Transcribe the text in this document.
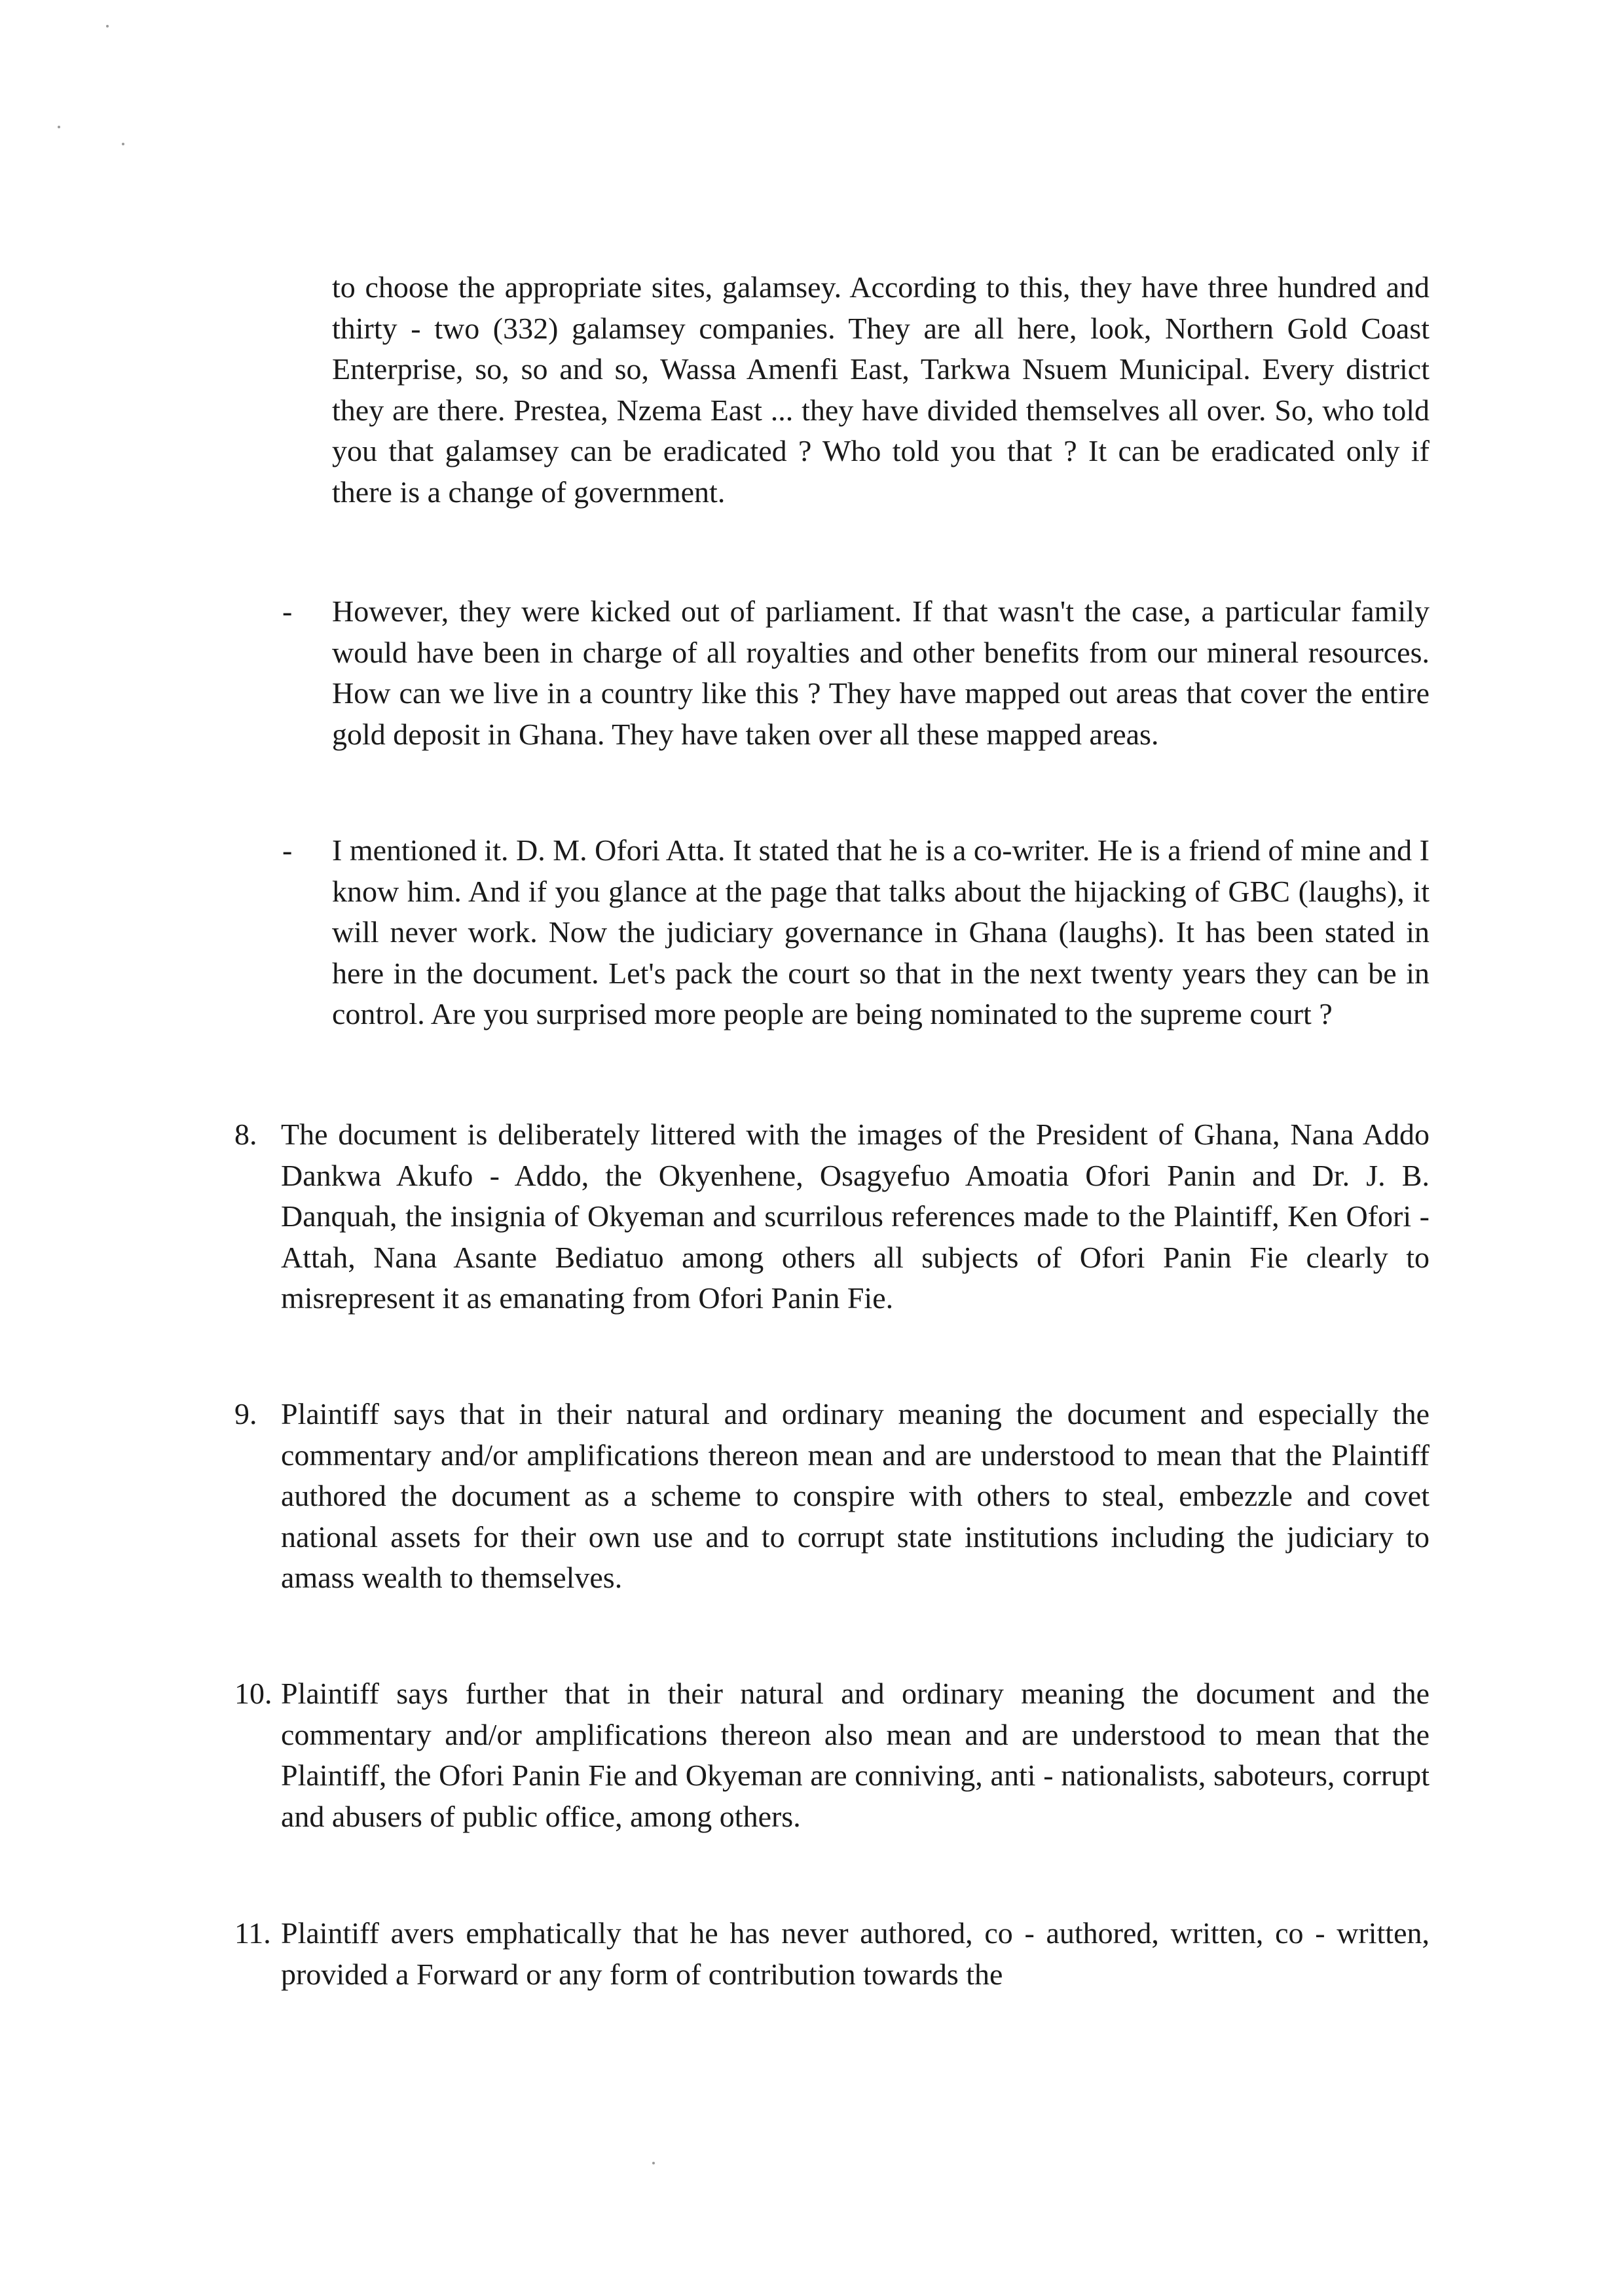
to choose the appropriate sites, galamsey. According to this, they have three hundred and thirty - two (332) galamsey companies. They are all here, look, Northern Gold Coast Enterprise, so, so and so, Wassa Amenfi East, Tarkwa Nsuem Municipal. Every district they are there. Prestea, Nzema East ... they have divided themselves all over. So, who told you that galamsey can be eradicated ? Who told you that ? It can be eradicated only if there is a change of government.
- However, they were kicked out of parliament. If that wasn't the case, a particular family would have been in charge of all royalties and other benefits from our mineral resources. How can we live in a country like this ? They have mapped out areas that cover the entire gold deposit in Ghana. They have taken over all these mapped areas.
- I mentioned it. D. M. Ofori Atta. It stated that he is a co-writer. He is a friend of mine and I know him. And if you glance at the page that talks about the hijacking of GBC (laughs), it will never work. Now the judiciary governance in Ghana (laughs). It has been stated in here in the document. Let's pack the court so that in the next twenty years they can be in control. Are you surprised more people are being nominated to the supreme court ?
8. The document is deliberately littered with the images of the President of Ghana, Nana Addo Dankwa Akufo - Addo, the Okyenhene, Osagyefuo Amoatia Ofori Panin and Dr. J. B. Danquah, the insignia of Okyeman and scurrilous references made to the Plaintiff, Ken Ofori - Attah, Nana Asante Bediatuo among others all subjects of Ofori Panin Fie clearly to misrepresent it as emanating from Ofori Panin Fie.
9. Plaintiff says that in their natural and ordinary meaning the document and especially the commentary and/or amplifications thereon mean and are understood to mean that the Plaintiff authored the document as a scheme to conspire with others to steal, embezzle and covet national assets for their own use and to corrupt state institutions including the judiciary to amass wealth to themselves.
10. Plaintiff says further that in their natural and ordinary meaning the document and the commentary and/or amplifications thereon also mean and are understood to mean that the Plaintiff, the Ofori Panin Fie and Okyeman are conniving, anti - nationalists, saboteurs, corrupt and abusers of public office, among others.
11. Plaintiff avers emphatically that he has never authored, co - authored, written, co - written, provided a Forward or any form of contribution towards the
